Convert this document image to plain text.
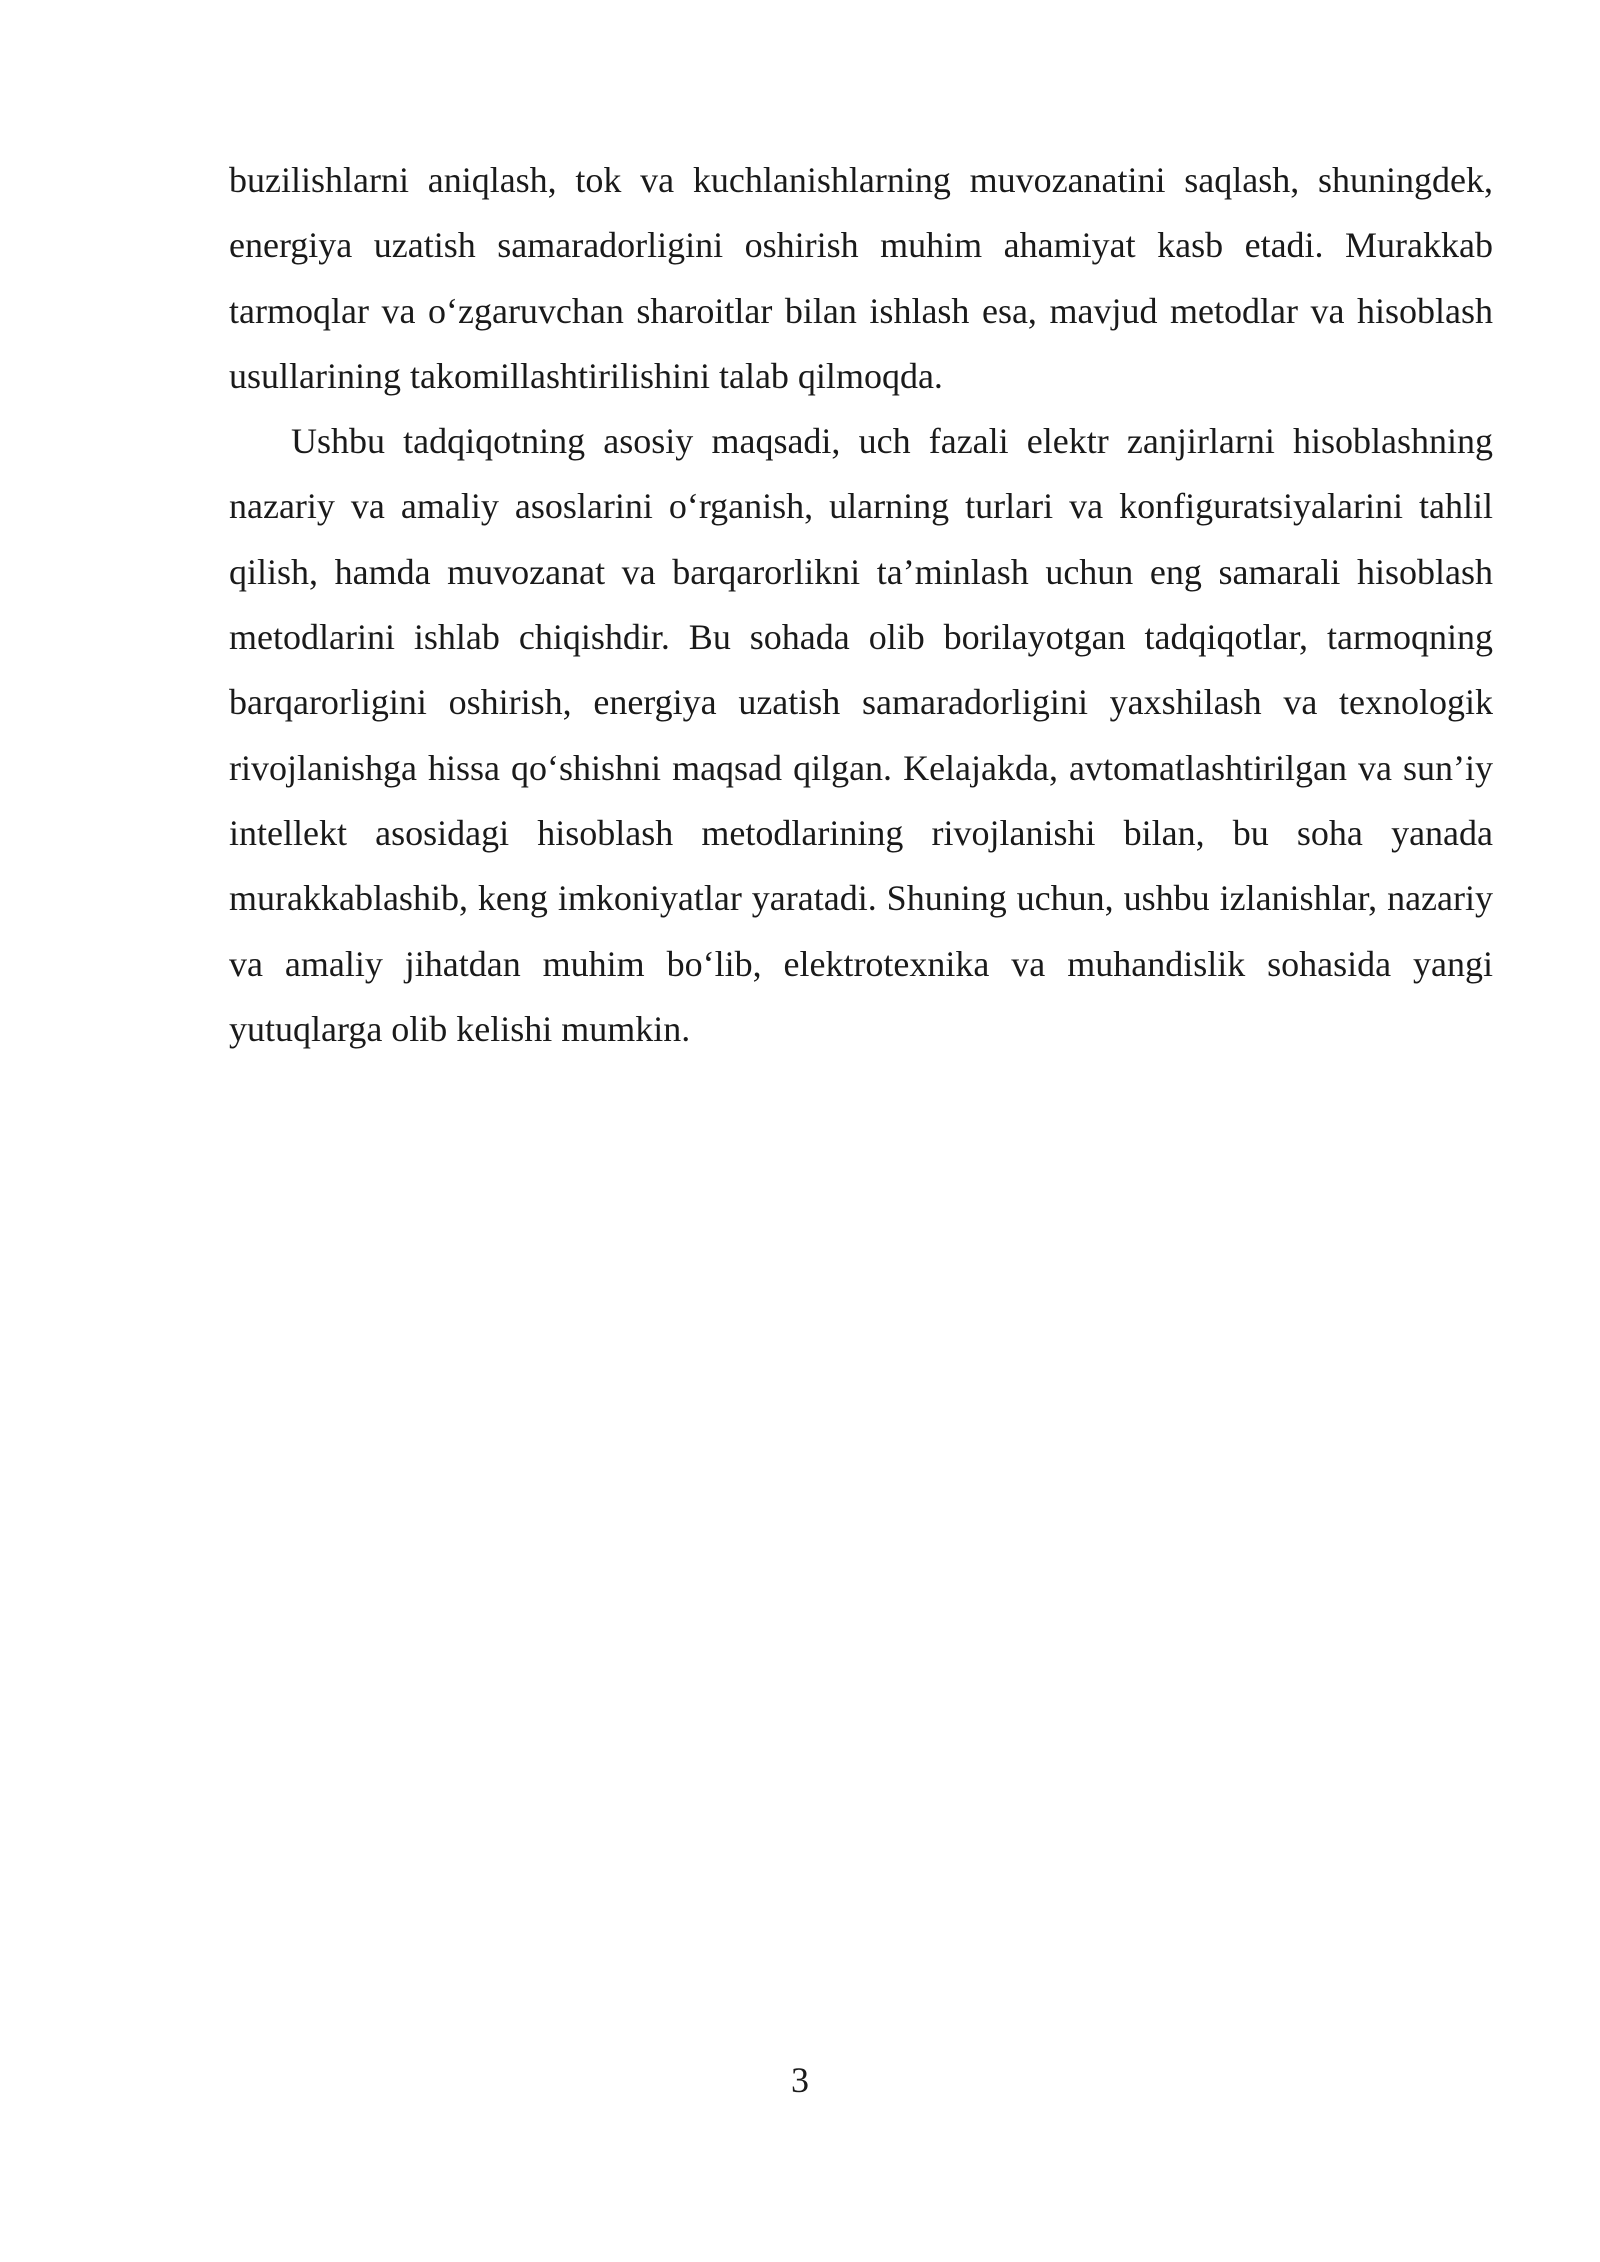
buzilishlarni aniqlash, tok va kuchlanishlarning muvozanatini saqlash, shuningdek, energiya uzatish samaradorligini oshirish muhim ahamiyat kasb etadi. Murakkab tarmoqlar va o‘zgaruvchan sharoitlar bilan ishlash esa, mavjud metodlar va hisoblash usullarining takomillashtirilishini talab qilmoqda.

Ushbu tadqiqotning asosiy maqsadi, uch fazali elektr zanjirlarni hisoblashning nazariy va amaliy asoslarini o‘rganish, ularning turlari va konfiguratsiyalarini tahlil qilish, hamda muvozanat va barqarorlikni ta’minlash uchun eng samarali hisoblash metodlarini ishlab chiqishdir. Bu sohada olib borilayotgan tadqiqotlar, tarmoqning barqarorligini oshirish, energiya uzatish samaradorligini yaxshilash va texnologik rivojlanishga hissa qo‘shishni maqsad qilgan. Kelajakda, avtomatlashtirilgan va sun’iy intellekt asosidagi hisoblash metodlarining rivojlanishi bilan, bu soha yanada murakkablashib, keng imkoniyatlar yaratadi. Shuning uchun, ushbu izlanishlar, nazariy va amaliy jihatdan muhim bo‘lib, elektrotexnika va muhandislik sohasida yangi yutuqlarga olib kelishi mumkin.

3
